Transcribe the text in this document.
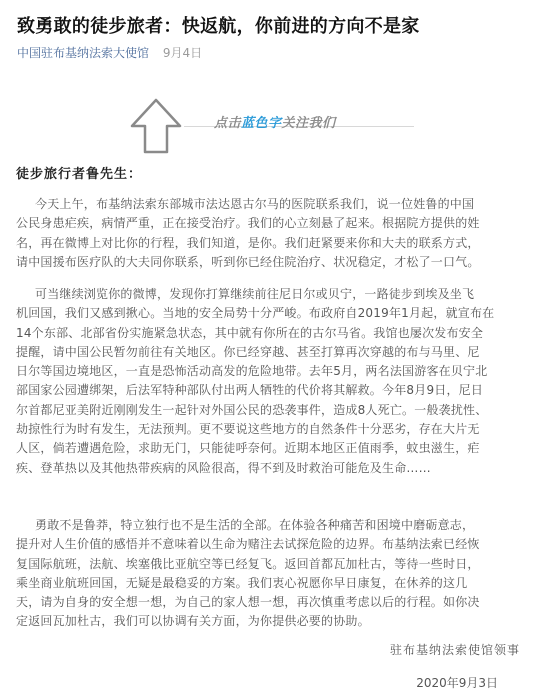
致勇敢的徒步旅者：快返航，你前进的方向不是家
中国驻布基纳法索大使馆 9月4日
点击蓝色字关注我们
徒步旅行者鲁先生：
今天上午，布基纳法索东部城市法达恩古尔马的医院联系我们，说一位姓鲁的中国
公民身患疟疾，病情严重，正在接受治疗。我们的心立刻悬了起来。根据院方提供的姓
名，再在微博上对比你的行程，我们知道，是你。我们赶紧要来你和大夫的联系方式，
请中国援布医疗队的大夫同你联系，听到你已经住院治疗、状况稳定，才松了一口气。
可当继续浏览你的微博，发现你打算继续前往尼日尔或贝宁，一路徒步到埃及坐飞
机回国，我们又感到揪心。当地的安全局势十分严峻。布政府自2019年1月起，就宣布在
14个东部、北部省份实施紧急状态，其中就有你所在的古尔马省。我馆也屡次发布安全
提醒，请中国公民暂勿前往有关地区。你已经穿越、甚至打算再次穿越的布与马里、尼
日尔等国边境地区，一直是恐怖活动高发的危险地带。去年5月，两名法国游客在贝宁北
部国家公园遭绑架，后法军特种部队付出两人牺牲的代价将其解救。今年8月9日，尼日
尔首都尼亚美附近刚刚发生一起针对外国公民的恐袭事件，造成8人死亡。一般袭扰性、
劫掠性行为时有发生，无法预判。更不要说这些地方的自然条件十分恶劣，存在大片无
人区，倘若遭遇危险，求助无门，只能徒呼奈何。近期本地区正值雨季，蚊虫滋生，疟
疾、登革热以及其他热带疾病的风险很高，得不到及时救治可能危及生命……
勇敢不是鲁莽，特立独行也不是生活的全部。在体验各种痛苦和困境中磨砺意志，
提升对人生价值的感悟并不意味着以生命为赌注去试探危险的边界。布基纳法索已经恢
复国际航班，法航、埃塞俄比亚航空等已经复飞。返回首都瓦加杜古，等待一些时日，
乘坐商业航班回国，无疑是最稳妥的方案。我们衷心祝愿你早日康复，在休养的这几
天，请为自身的安全想一想，为自己的家人想一想，再次慎重考虑以后的行程。如你决
定返回瓦加杜古，我们可以协调有关方面，为你提供必要的协助。
驻布基纳法索使馆领事
2020年9月3日
